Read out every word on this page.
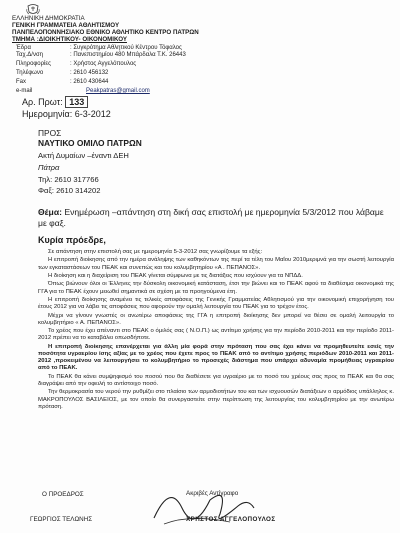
ΕΛΛΗΝΙΚΗ ΔΗΜΟΚΡΑΤΙΑ
ΓΕΝΙΚΗ ΓΡΑΜΜΑΤΕΙΑ ΑΘΛΗΤΙΣΜΟΥ
ΠΑΝΠΕΛΟΠΟΝΝΗΣΙΑΚΟ ΕΘΝΙΚΟ ΑΘΛΗΤΙΚΟ ΚΕΝΤΡΟ ΠΑΤΡΩΝ
ΤΜΗΜΑ :ΔΙΟΙΚΗΤΙΚΟΥ- ΟΙΚΟΝΟΜΙΚΟΥ
Έδρα	: Συγκρότημα Αθλητικού Κέντρου Τόφαλος
Ταχ.Δ/νση	: Πανεπιστημίου 480 Μπάρδαλα Τ.Κ. 26443
Πληροφορίες	: Χρήστος Αγγελόπουλος
Τηλέφωνο	: 2610 456132
Fax	: 2610 430644
e-mail	Peakpatras@gmail.com
Αρ. Πρωτ: 133
Ημερομηνία: 6-3-2012
ΠΡΟΣ
ΝΑΥΤΙΚΟ ΟΜΙΛΟ ΠΑΤΡΩΝ
Ακτή Δυμαίων –έναντι ΔΕΗ
Πάτρα
Τηλ: 2610 317766
Φαξ: 2610 314202
Θέμα: Ενημέρωση –απάντηση στη δική σας επιστολή με ημερομηνία 5/3/2012 που λάβαμε με φαξ.
Κυρία πρόεδρε,

Σε απάντηση στην επιστολή σας με ημερομηνία 5-3-2012 σας γνωρίζουμε τα εξής:

Η επιτροπή διοίκησης από την ημέρα ανάληψης των καθηκόντων της περί τα τέλη του Μαΐου 2010μεριμνά για την σωστή λειτουργία των εγκαταστάσεων του ΠΕΑΚ και συνεπώς και του κολυμβητηρίου «Α . ΠΕΠΑΝΟΣ».

Η διοίκηση και η διαχείριση του ΠΕΑΚ γίνεται σύμφωνα με τις διατάξεις που ισχύουν για τα ΝΠΔΔ.

Όπως βιώνουν όλοι οι Έλληνες την δύσκολη οικονομική κατάσταση, έτσι την βιώνει και το ΠΕΑΚ αφού τα διαθέσιμα οικονομικά της ΓΓΑ για το ΠΕΑΚ έχουν μειωθεί σημαντικά σε σχέση με τα προηγούμενα έτη.

Η επιτροπή διοίκησης αναμένει τις τελικές αποφάσεις της Γενικής Γραμματείας Αθλητισμού για την οικονομική επιχορήγηση του έτους 2012 για να λάβει τις αποφάσεις που αφορούν την ομαλή λειτουργία του ΠΕΑΚ για το τρέχον έτος.

Μέχρι να γίνουν γνωστές οι ανωτέρω αποφάσεις της ΓΓΑ η επιτροπή διοίκησης δεν μπορεί να θέσει σε ομαλή λειτουργία το κολυμβητήριο « Α. ΠΕΠΑΝΟΣ».

Το χρέος που έχει απέναντι στο ΠΕΑΚ ο όμιλός σας ( Ν.Ο.Π.) ως αντίτιμο χρήσης για την περίοδο 2010-2011 και την περίοδο 2011-2012 πρέπει να το καταβάλει οπωσδήποτε.

Η επιτροπή διοίκησης επανέρχεται για άλλη μία φορά στην πρόταση που σας έχει κάνει να προμηθευτείτε εσείς την ποσότητα υγραερίου ίσης αξίας με το χρέος που έχετε προς το ΠΕΑΚ από το αντίτιμο χρήσης περιόδων 2010-2011 και 2011-2012 ,προκειμένου να λειτουργήσει το κολυμβητήριο το προσεχές διάστημα που υπάρχει αδυναμία προμήθειας υγραερίου από το ΠΕΑΚ.

Το ΠΕΑΚ θα κάνει συμψηφισμό του ποσού που θα διαθέσετε για υγραέριο με το ποσό του χρέους σας προς το ΠΕΑΚ και θα σας διαγράψει από την οφειλή το αντίστοιχο ποσό.

Την θερμοκρασία του νερού την ρυθμίζει στο πλαίσιο των αρμοδιοτήτων του και των ισχυουσών διατάξεων ο αρμόδιος υπάλληλος κ. ΜΑΚΡΟΠΟΥΛΟΣ ΒΑΣΙΛΕΙΟΣ, με τον οποίο θα συνεργαστείτε στην περίπτωση της λειτουργίας του κολυμβητηρίου με την ανωτέρω πρόταση.

Ο ΠΡΟΕΔΡΟΣ
ΓΕΩΡΓΙΟΣ ΤΕΛΩΝΗΣ
Ακριβές Αντίγραφο
ΧΡΗΣΤΟΣ ΑΓΓΕΛΟΠΟΥΛΟΣ
